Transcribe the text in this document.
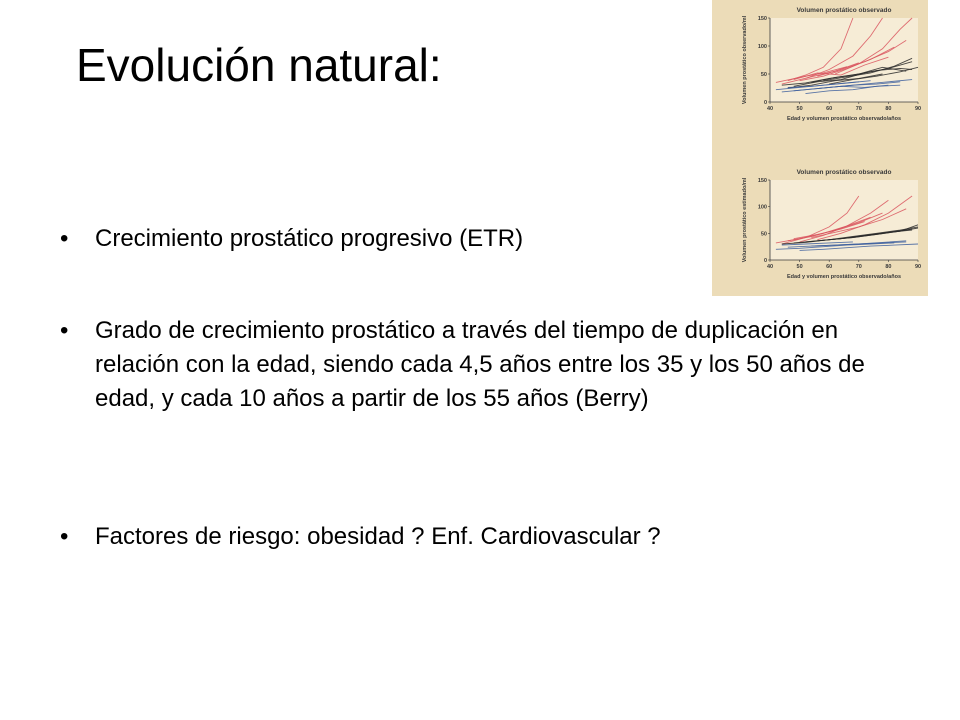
Evolución natural:
• Crecimiento prostático progresivo (ETR)
• Grado de crecimiento prostático a través del tiempo de duplicación en relación con la edad, siendo cada 4,5 años entre los 35 y los 50 años de edad, y cada 10 años a partir de los 55 años (Berry)
• Factores de riesgo: obesidad ? Enf. Cardiovascular ?
Volumen prostático observado
0
50
100
150
40	50	60	70	80	90
Edad y volumen prostático observado/años
Volumen prostático observado/ml
Volumen prostático observado
0
50
100
150
40	50	60	70	80	90
Edad y volumen prostático observado/años
Volumen prostático estimado/ml
